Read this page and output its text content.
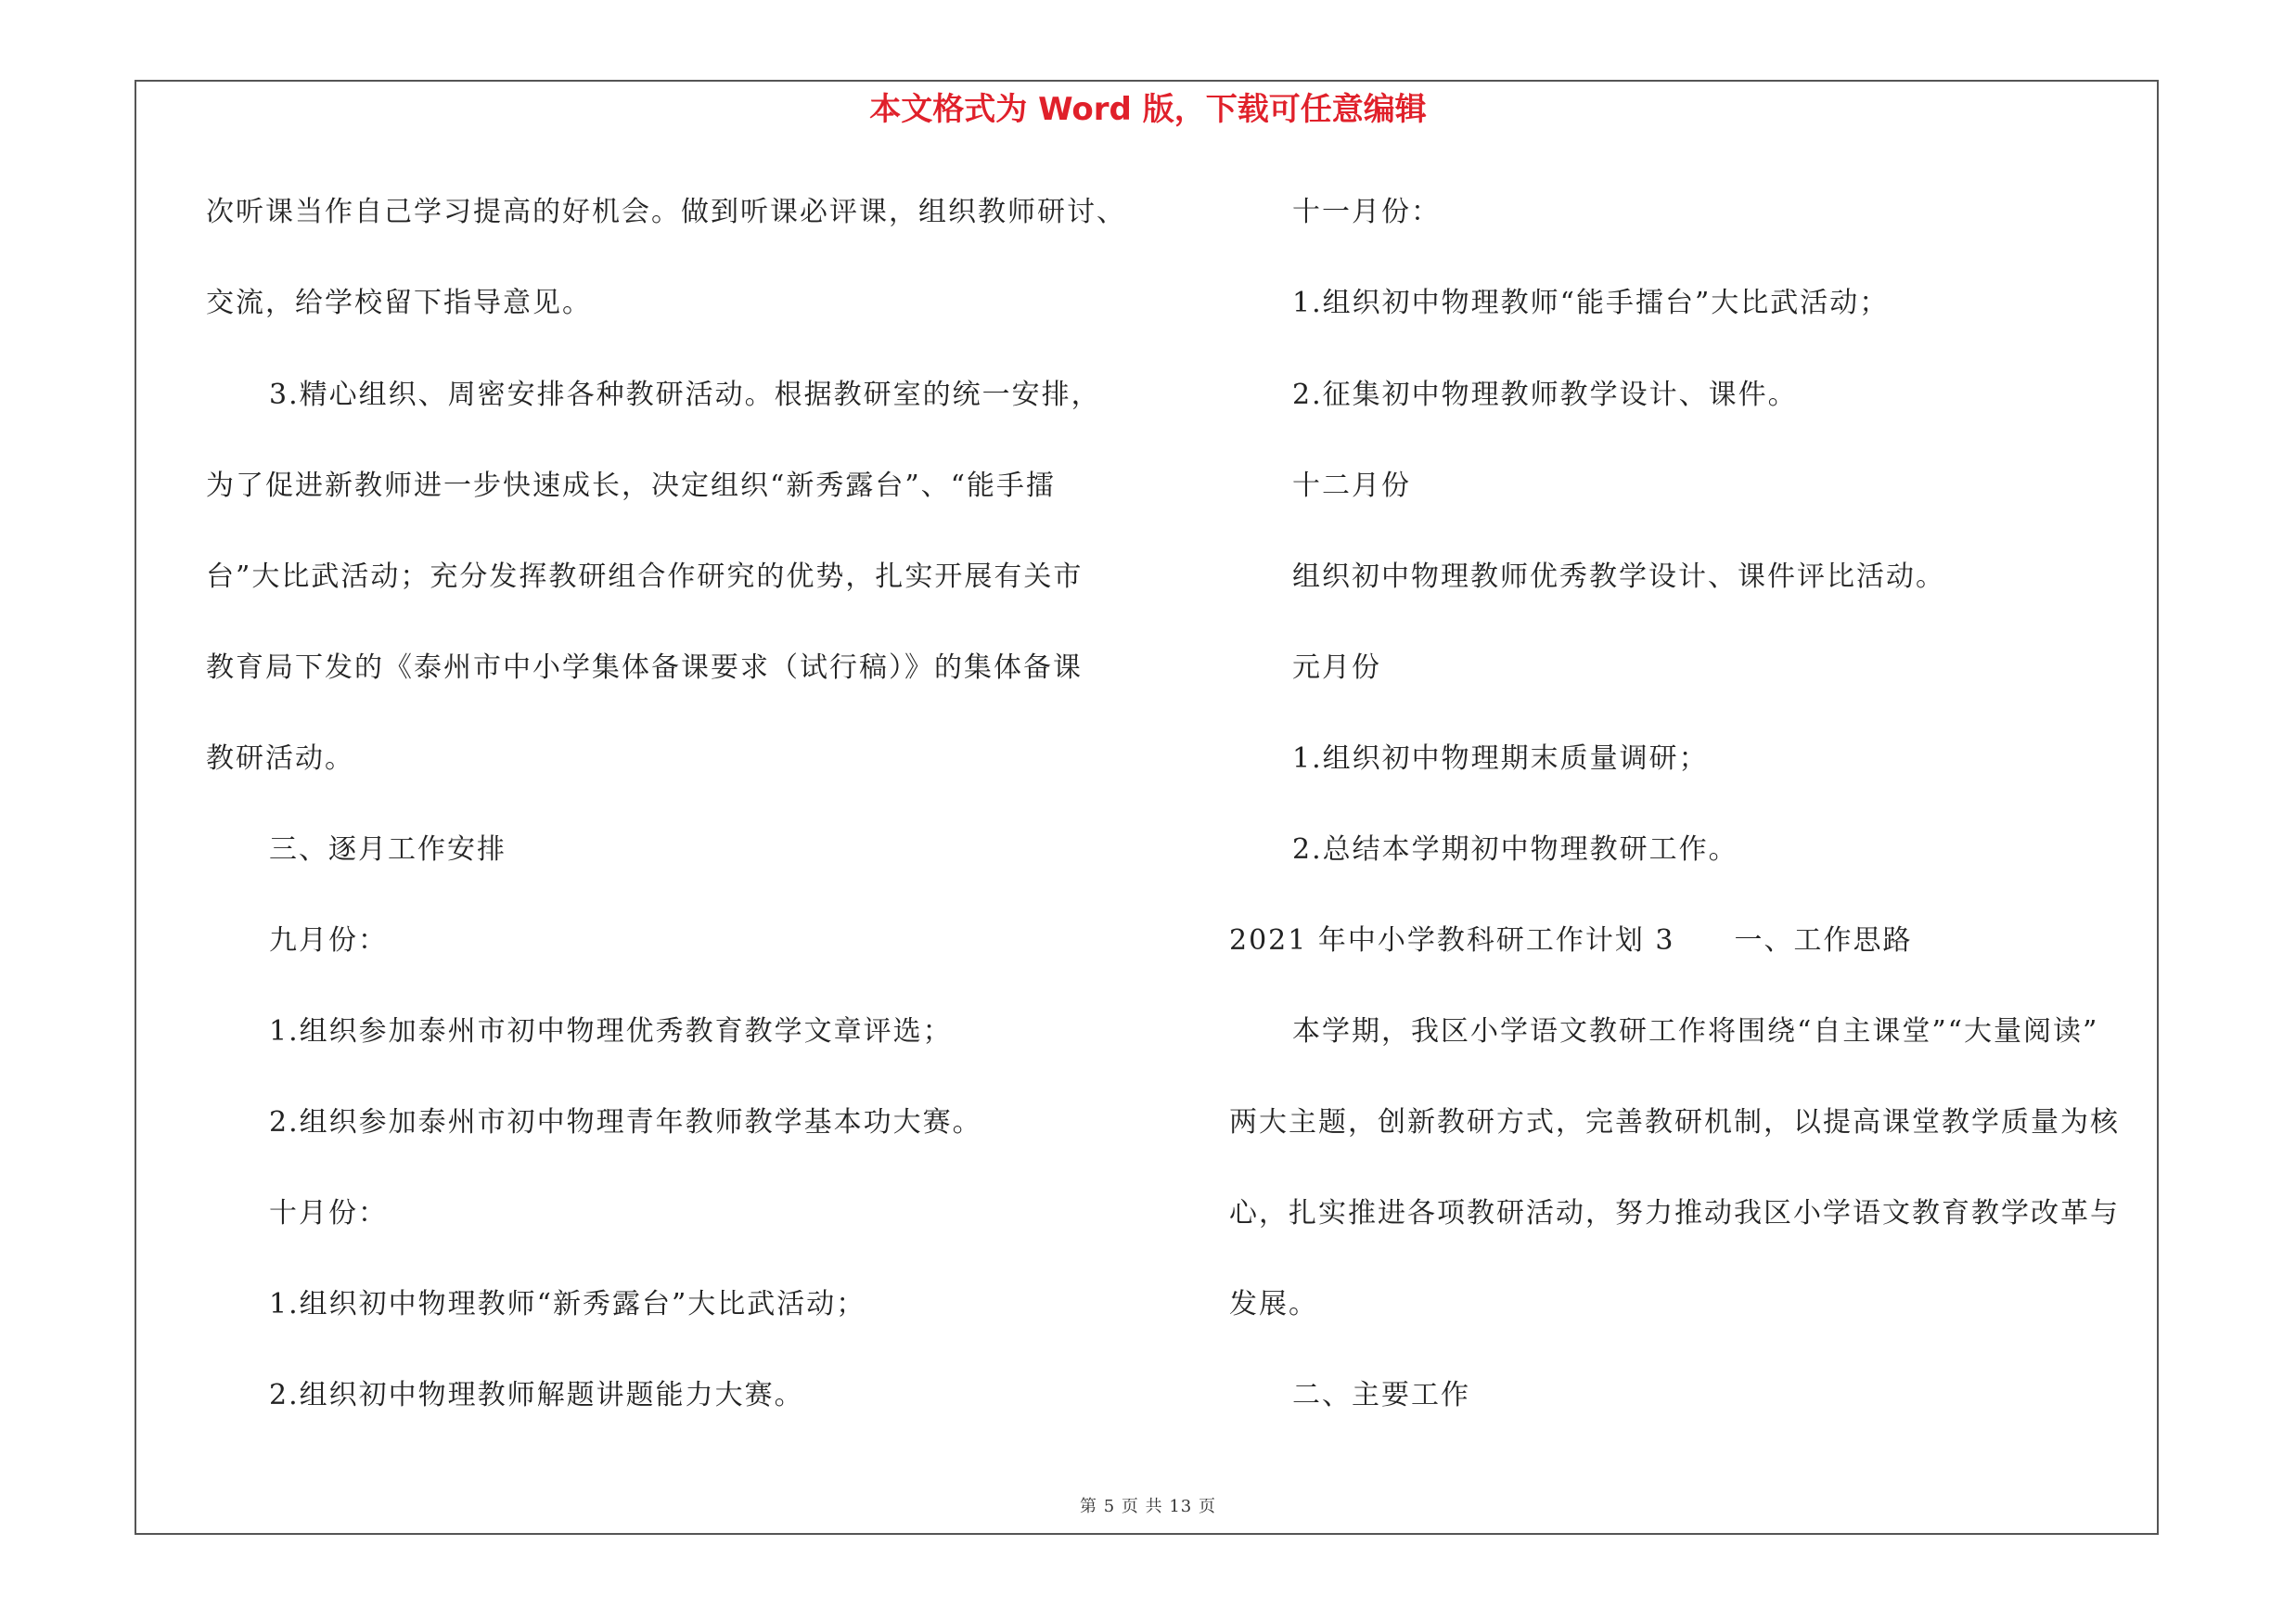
本文格式为 Word 版，下载可任意编辑
次听课当作自己学习提高的好机会。做到听课必评课，组织教师研讨、
交流，给学校留下指导意见。
3.精心组织、周密安排各种教研活动。根据教研室的统一安排，
为了促进新教师进一步快速成长，决定组织“新秀露台”、“能手擂
台”大比武活动；充分发挥教研组合作研究的优势，扎实开展有关市
教育局下发的《泰州市中小学集体备课要求（试行稿）》的集体备课
教研活动。
三、逐月工作安排
九月份：
1.组织参加泰州市初中物理优秀教育教学文章评选；
2.组织参加泰州市初中物理青年教师教学基本功大赛。
十月份：
1.组织初中物理教师“新秀露台”大比武活动；
2.组织初中物理教师解题讲题能力大赛。
十一月份：
1.组织初中物理教师“能手擂台”大比武活动；
2.征集初中物理教师教学设计、课件。
十二月份
组织初中物理教师优秀教学设计、课件评比活动。
元月份
1.组织初中物理期末质量调研；
2.总结本学期初中物理教研工作。
2021 年中小学教科研工作计划 3　　一、工作思路
本学期，我区小学语文教研工作将围绕“自主课堂”“大量阅读”
两大主题，创新教研方式，完善教研机制，以提高课堂教学质量为核
心，扎实推进各项教研活动，努力推动我区小学语文教育教学改革与
发展。
二、主要工作
第 5 页 共 13 页
